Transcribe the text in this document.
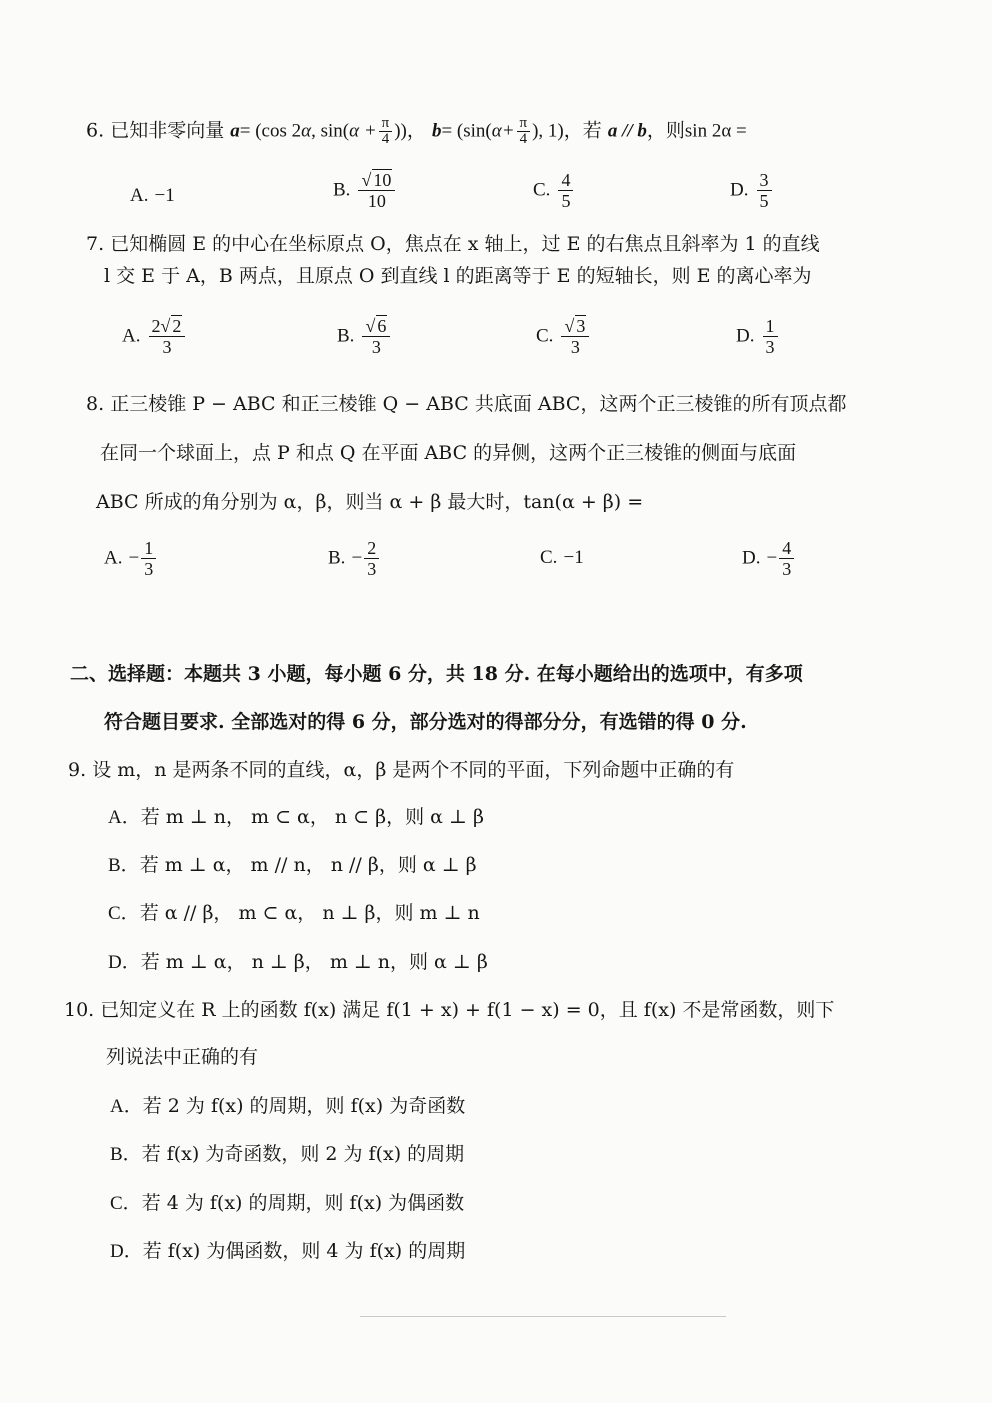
6. 已知非零向量 a= (cos 2α, $\sin(\alpha + \frac{\pi}{4}$ ))， $b= (\sin(\alpha+ \frac{\pi}{4}$ ), 1)，若 a // b，则sin 2α =
A. −1	B. $\frac{√ 10}{10}$	C. $\frac{4}{5}$	D. $\frac{3}{5}$
7. 已知椭圆 E 的中心在坐标原点 O，焦点在 x 轴上，过 E 的右焦点且斜率为 1 的直线
l 交 E 于 A，B 两点，且原点 O 到直线 l 的距离等于 E 的短轴长，则 E 的离心率为
A. $\frac{2√ 2}{3}$	B. $\frac{√ 6}{3}$	C. $\frac{√ 3}{3}$	D. $\frac{1}{3}$
8. 正三棱锥 P − ABC 和正三棱锥 Q − ABC 共底面 ABC，这两个正三棱锥的所有顶点都
在同一个球面上，点 P 和点 Q 在平面 ABC 的异侧，这两个正三棱锥的侧面与底面
ABC 所成的角分别为 α，β，则当 α + β 最大时，tan(α + β) =
A. − $\frac{1}{3}$	B. − $\frac{2}{3}$	C. −1	D. − $\frac{4}{3}$
二、选择题：本题共 3 小题，每小题 6 分，共 18 分. 在每小题给出的选项中，有多项
符合题目要求. 全部选对的得 6 分，部分选对的得部分分，有选错的得 0 分.
9. 设 m，n 是两条不同的直线，α，β 是两个不同的平面，下列命题中正确的有
A．若 m ⊥ n， m ⊂ α， n ⊂ β，则 α ⊥ β
B．若 m ⊥ α， m // n， n // β，则 α ⊥ β
C．若 α // β， m ⊂ α， n ⊥ β，则 m ⊥ n
D．若 m ⊥ α， n ⊥ β， m ⊥ n，则 α ⊥ β
10. 已知定义在 R 上的函数 f(x) 满足 f(1 + x) + f(1 − x) = 0，且 f(x) 不是常函数，则下
列说法中正确的有
A．若 2 为 f(x) 的周期，则 f(x) 为奇函数
B．若 f(x) 为奇函数，则 2 为 f(x) 的周期
C．若 4 为 f(x) 的周期，则 f(x) 为偶函数
D．若 f(x) 为偶函数，则 4 为 f(x) 的周期
